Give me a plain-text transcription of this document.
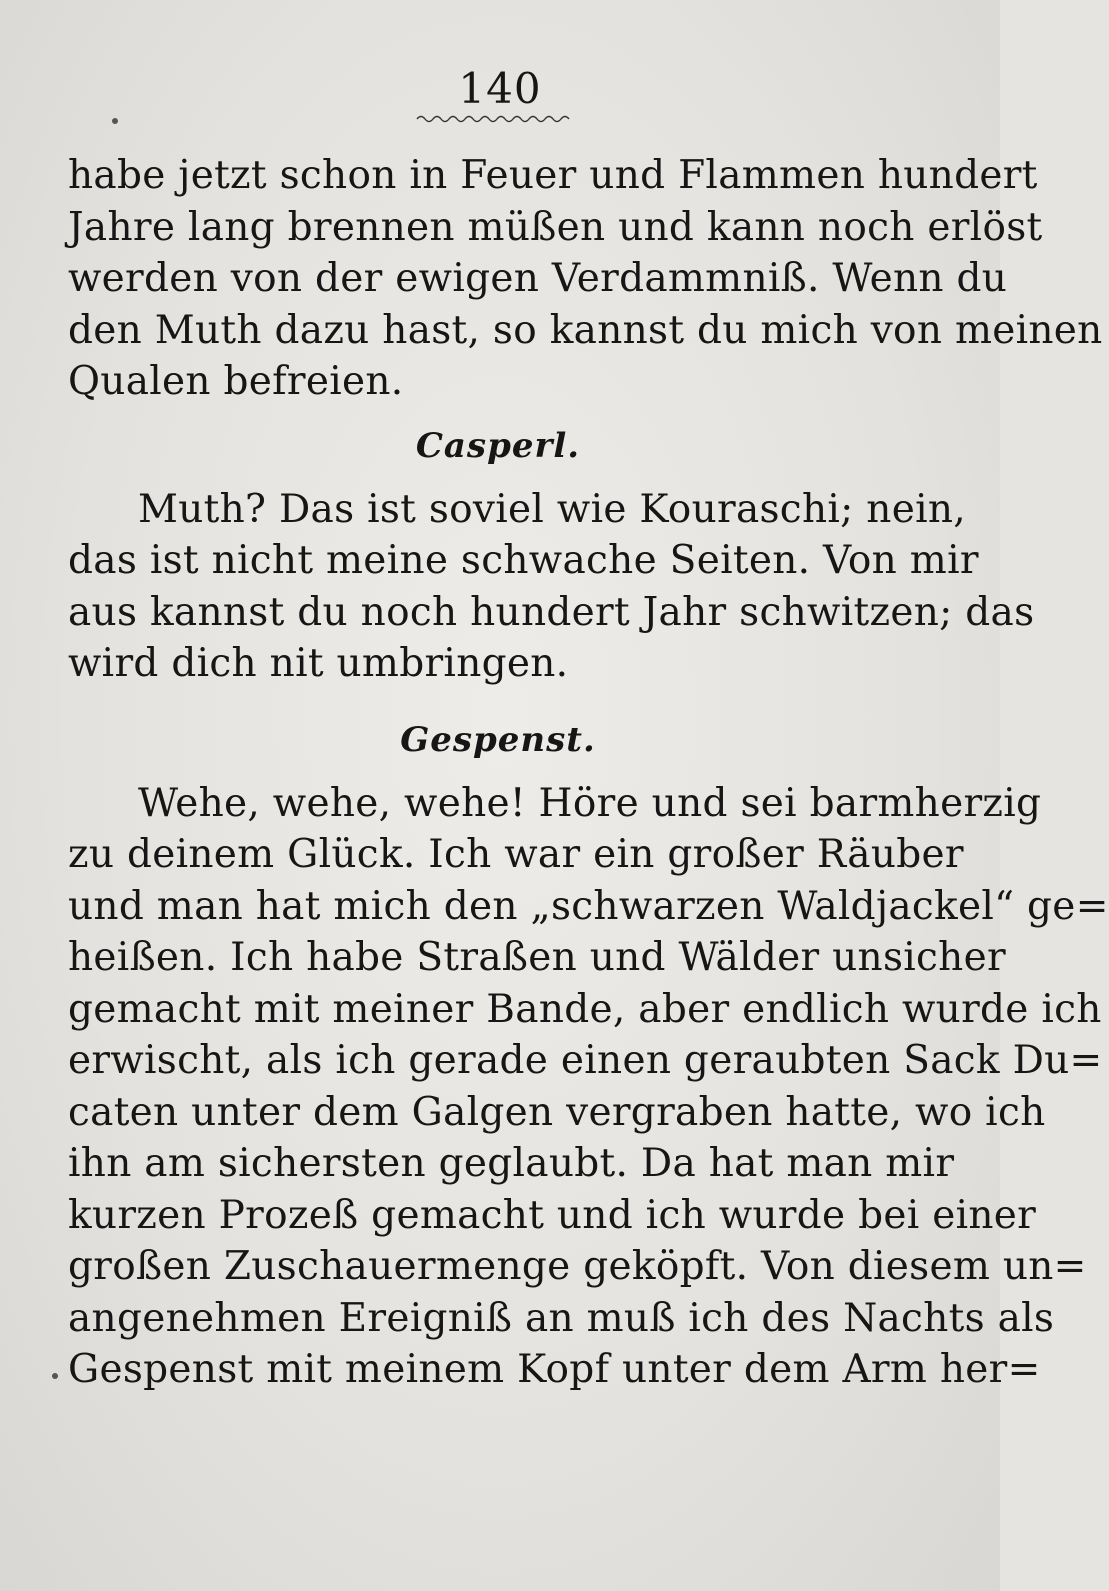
140
habe jetzt schon in Feuer und Flammen hundert
Jahre lang brennen müßen und kann noch erlöst
werden von der ewigen Verdammniß. Wenn du
den Muth dazu hast, so kannst du mich von meinen
Qualen befreien.
Casperl.
Muth? Das ist soviel wie Kouraschi; nein,
das ist nicht meine schwache Seiten. Von mir
aus kannst du noch hundert Jahr schwitzen; das
wird dich nit umbringen.
Gespenst.
Wehe, wehe, wehe! Höre und sei barmherzig
zu deinem Glück. Ich war ein großer Räuber
und man hat mich den „schwarzen Waldjackel“ ge=
heißen. Ich habe Straßen und Wälder unsicher
gemacht mit meiner Bande, aber endlich wurde ich
erwischt, als ich gerade einen geraubten Sack Du=
caten unter dem Galgen vergraben hatte, wo ich
ihn am sichersten geglaubt. Da hat man mir
kurzen Prozeß gemacht und ich wurde bei einer
großen Zuschauermenge geköpft. Von diesem un=
angenehmen Ereigniß an muß ich des Nachts als
Gespenst mit meinem Kopf unter dem Arm her=
